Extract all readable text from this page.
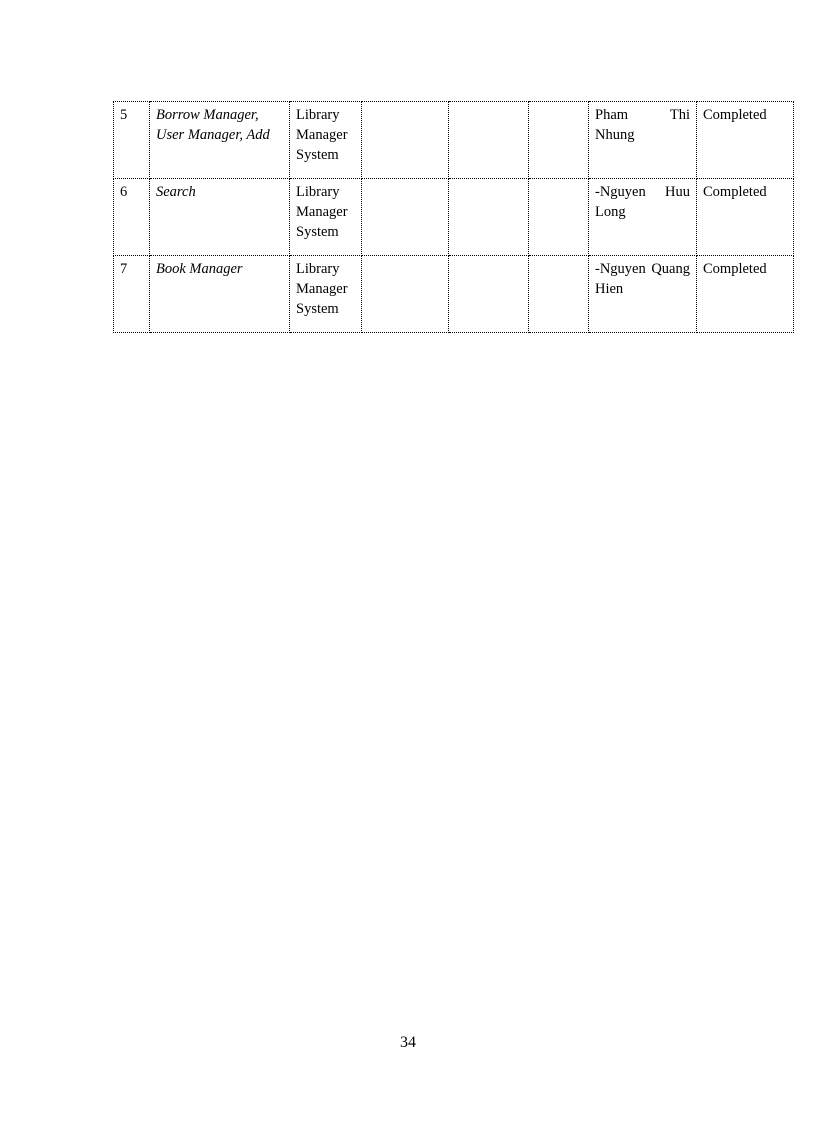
5	Borrow Manager, User Manager, Add	Library Manager System				Pham Thi Nhung	Completed
6	Search	Library Manager System				-Nguyen Huu Long	Completed
7	Book Manager	Library Manager System				-Nguyen Quang Hien	Completed
34
